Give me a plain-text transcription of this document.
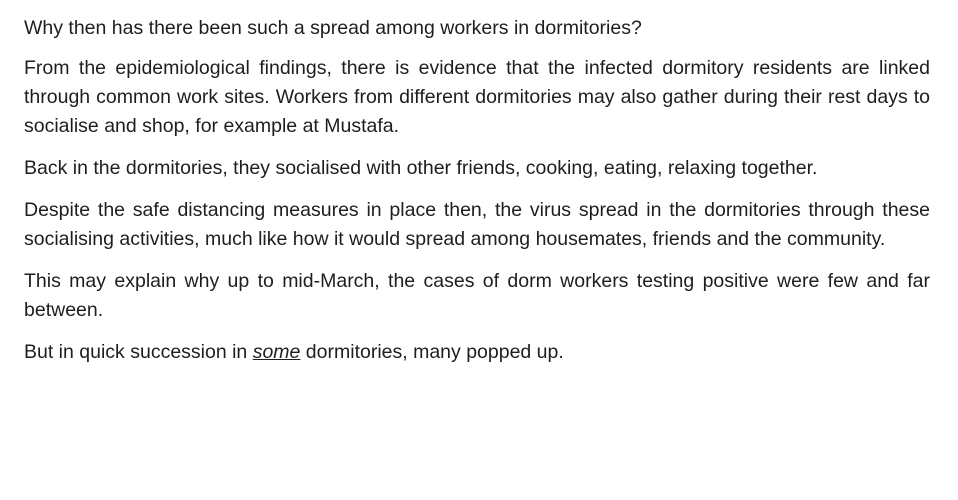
Why then has there been such a spread among workers in dormitories?

From the epidemiological findings, there is evidence that the infected dormitory residents are linked through common work sites. Workers from different dormitories may also gather during their rest days to socialise and shop, for example at Mustafa.

Back in the dormitories, they socialised with other friends, cooking, eating, relaxing together.

Despite the safe distancing measures in place then, the virus spread in the dormitories through these socialising activities, much like how it would spread among housemates, friends and the community.

This may explain why up to mid-March, the cases of dorm workers testing positive were few and far between.

But in quick succession in some dormitories, many popped up.
